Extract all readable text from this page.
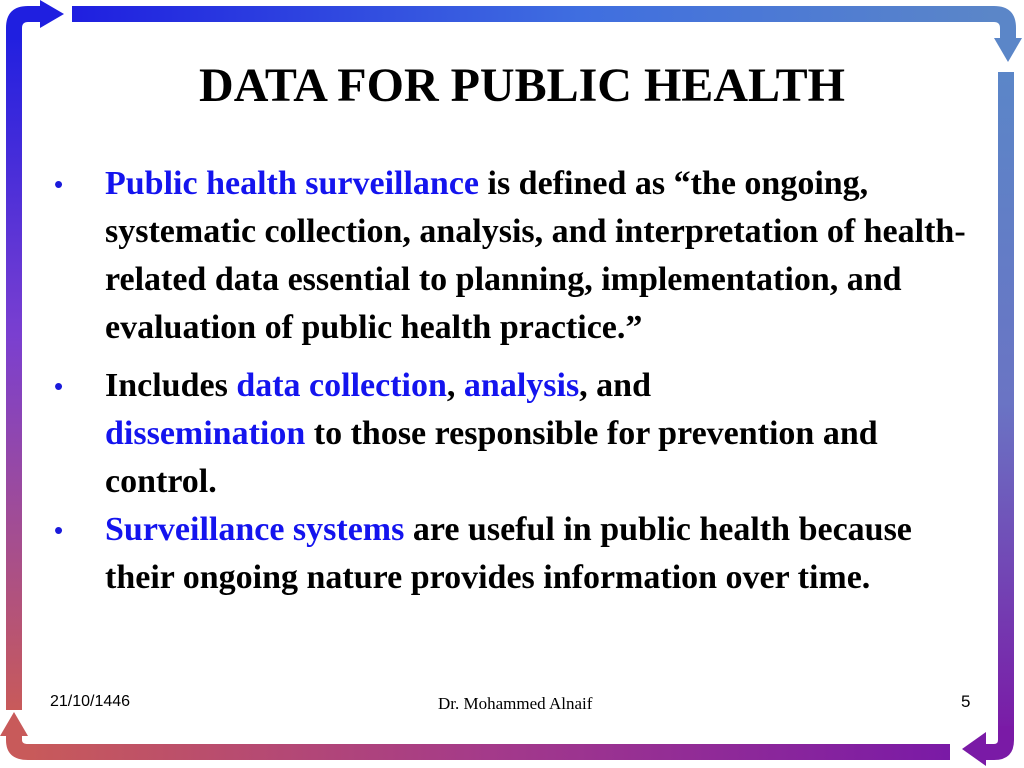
DATA FOR PUBLIC HEALTH
• Public health surveillance is defined as “the ongoing, systematic collection, analysis, and interpretation of health-related data essential to planning, implementation, and evaluation of public health practice.”
• Includes data collection, analysis, and
dissemination to those responsible for prevention and control.
• Surveillance systems are useful in public health because their ongoing nature provides information over time.
21/10/1446	Dr. Mohammed Alnaif	5
